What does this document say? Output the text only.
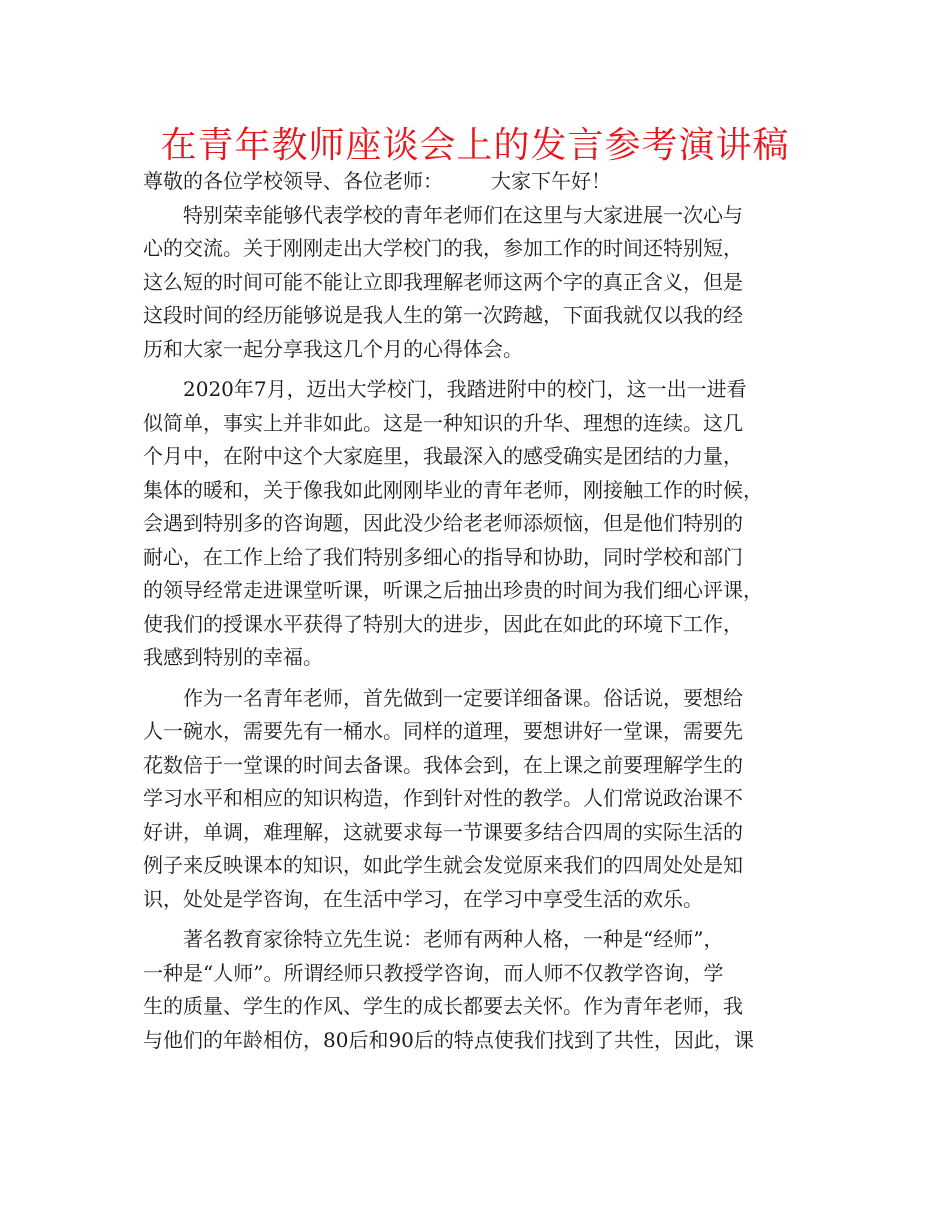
在青年教师座谈会上的发言参考演讲稿
尊敬的各位学校领导、各位老师： 大家下午好！
　　特别荣幸能够代表学校的青年老师们在这里与大家进展一次心与
心的交流。关于刚刚走出大学校门的我，参加工作的时间还特别短，
这么短的时间可能不能让立即我理解老师这两个字的真正含义，但是
这段时间的经历能够说是我人生的第一次跨越，下面我就仅以我的经
历和大家一起分享我这几个月的心得体会。
　　2020年7月，迈出大学校门，我踏进附中的校门，这一出一进看
似简单，事实上并非如此。这是一种知识的升华、理想的连续。这几
个月中，在附中这个大家庭里，我最深入的感受确实是团结的力量，
集体的暖和，关于像我如此刚刚毕业的青年老师，刚接触工作的时候，
会遇到特别多的咨询题，因此没少给老老师添烦恼，但是他们特别的
耐心，在工作上给了我们特别多细心的指导和协助，同时学校和部门
的领导经常走进课堂听课，听课之后抽出珍贵的时间为我们细心评课，
使我们的授课水平获得了特别大的进步，因此在如此的环境下工作，
我感到特别的幸福。
　　作为一名青年老师，首先做到一定要详细备课。俗话说，要想给
人一碗水，需要先有一桶水。同样的道理，要想讲好一堂课，需要先
花数倍于一堂课的时间去备课。我体会到，在上课之前要理解学生的
学习水平和相应的知识构造，作到针对性的教学。人们常说政治课不
好讲，单调，难理解，这就要求每一节课要多结合四周的实际生活的
例子来反映课本的知识，如此学生就会发觉原来我们的四周处处是知
识，处处是学咨询，在生活中学习，在学习中享受生活的欢乐。
　　著名教育家徐特立先生说：老师有两种人格，一种是“经师”，
一种是“人师”。所谓经师只教授学咨询，而人师不仅教学咨询，学
生的质量、学生的作风、学生的成长都要去关怀。作为青年老师，我
与他们的年龄相仿，80后和90后的特点使我们找到了共性，因此，课
